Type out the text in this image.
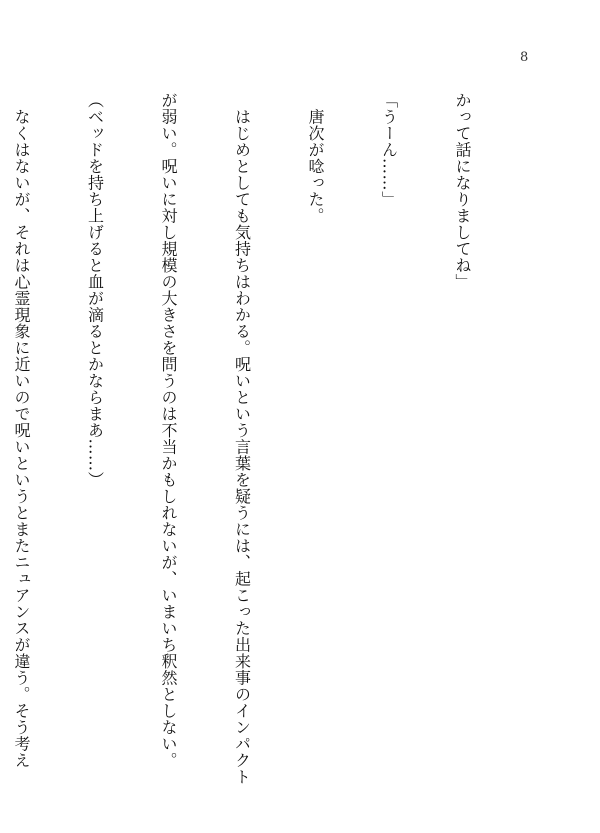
8

かって話になりましてね」

「うーん……」

　唐次が唸った。

　はじめとしても気持ちはわかる。呪いという言葉を疑うには、起こった出来事のインパクト

が弱い。呪いに対し規模の大きさを問うのは不当かもしれないが、いまいち釈然としない。

（ベッドを持ち上げると血が滴るとかならまあ……）

　なくはないが、それは心霊現象に近いので呪いというとまたニュアンスが違う。そう考え
